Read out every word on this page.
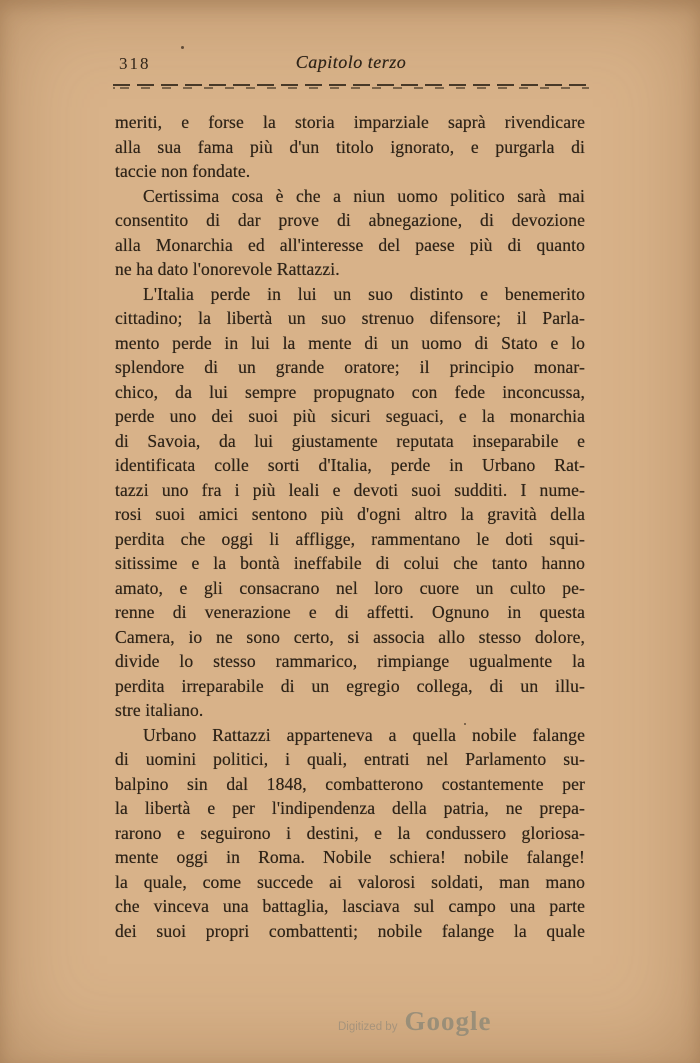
318	Capitolo terzo
meriti, e forse la storia imparziale saprà rivendicare
alla sua fama più d'un titolo ignorato, e purgarla di
taccie non fondate.
Certissima cosa è che a niun uomo politico sarà mai
consentito di dar prove di abnegazione, di devozione
alla Monarchia ed all'interesse del paese più di quanto
ne ha dato l'onorevole Rattazzi.
L'Italia perde in lui un suo distinto e benemerito
cittadino; la libertà un suo strenuo difensore; il Parla-
mento perde in lui la mente di un uomo di Stato e lo
splendore di un grande oratore; il principio monar-
chico, da lui sempre propugnato con fede inconcussa,
perde uno dei suoi più sicuri seguaci, e la monarchia
di Savoia, da lui giustamente reputata inseparabile e
identificata colle sorti d'Italia, perde in Urbano Rat-
tazzi uno fra i più leali e devoti suoi sudditi. I nume-
rosi suoi amici sentono più d'ogni altro la gravità della
perdita che oggi li affligge, rammentano le doti squi-
sitissime e la bontà ineffabile di colui che tanto hanno
amato, e gli consacrano nel loro cuore un culto pe-
renne di venerazione e di affetti. Ognuno in questa
Camera, io ne sono certo, si associa allo stesso dolore,
divide lo stesso rammarico, rimpiange ugualmente la
perdita irreparabile di un egregio collega, di un illu-
stre italiano.
Urbano Rattazzi apparteneva a quella nobile falange
di uomini politici, i quali, entrati nel Parlamento su-
balpino sin dal 1848, combatterono costantemente per
la libertà e per l'indipendenza della patria, ne prepa-
rarono e seguirono i destini, e la condussero gloriosa-
mente oggi in Roma. Nobile schiera! nobile falange!
la quale, come succede ai valorosi soldati, man mano
che vinceva una battaglia, lasciava sul campo una parte
dei suoi propri combattenti; nobile falange la quale
Digitized by Google
